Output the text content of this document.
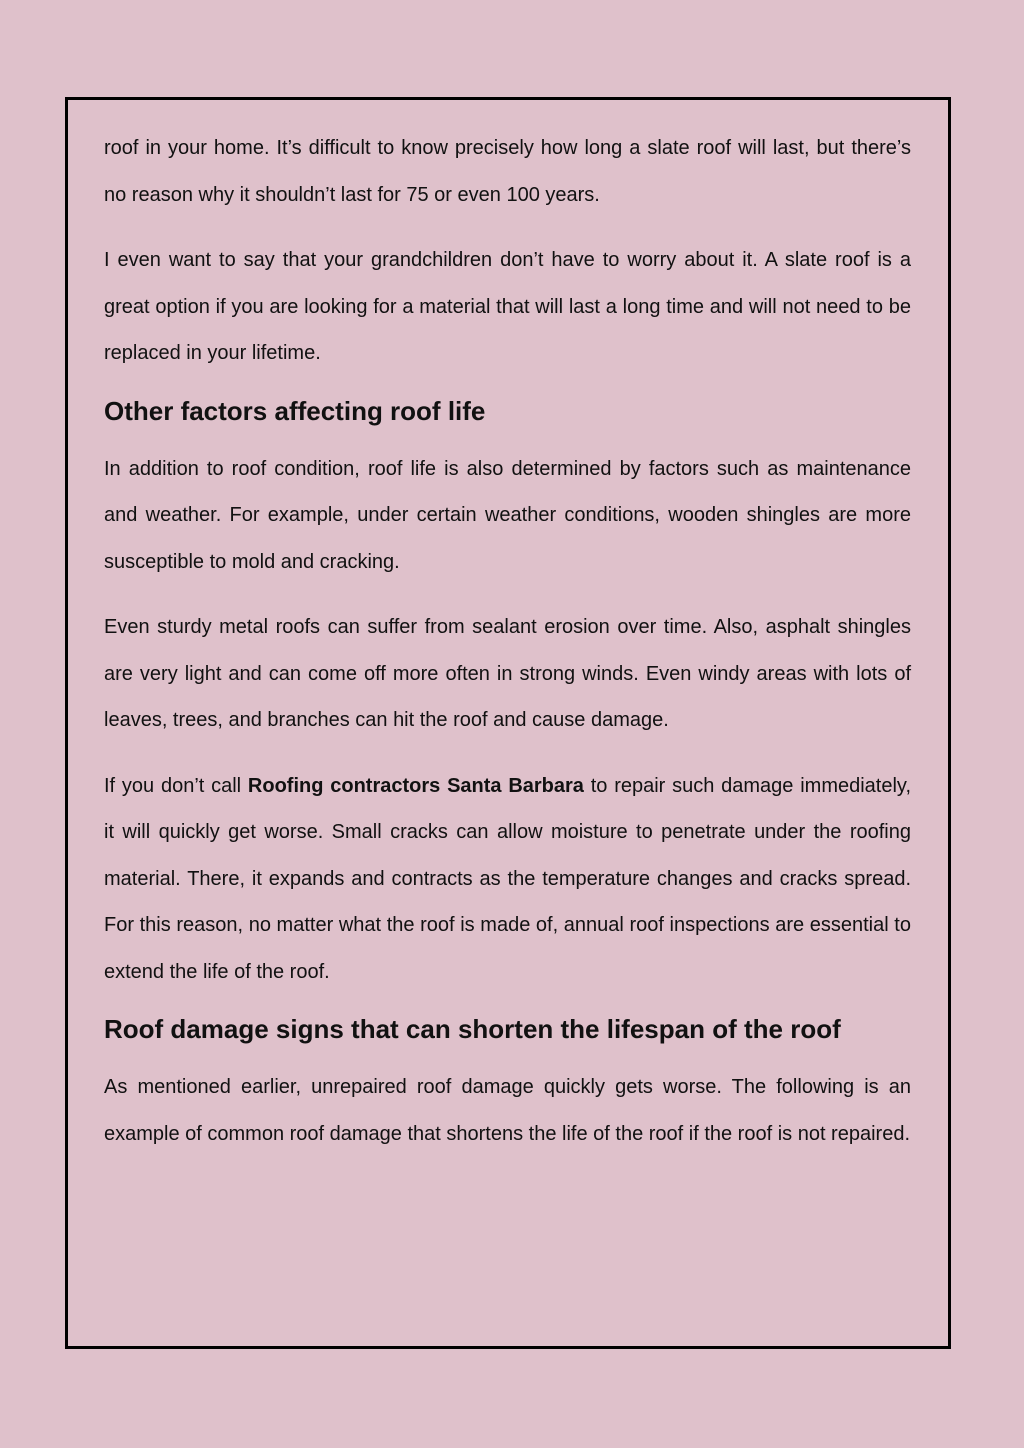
roof in your home. It’s difficult to know precisely how long a slate roof will last, but there’s no reason why it shouldn’t last for 75 or even 100 years.

I even want to say that your grandchildren don’t have to worry about it. A slate roof is a great option if you are looking for a material that will last a long time and will not need to be replaced in your lifetime.

Other factors affecting roof life

In addition to roof condition, roof life is also determined by factors such as maintenance and weather. For example, under certain weather conditions, wooden shingles are more susceptible to mold and cracking.

Even sturdy metal roofs can suffer from sealant erosion over time. Also, asphalt shingles are very light and can come off more often in strong winds. Even windy areas with lots of leaves, trees, and branches can hit the roof and cause damage.

If you don’t call Roofing contractors Santa Barbara to repair such damage immediately, it will quickly get worse. Small cracks can allow moisture to penetrate under the roofing material. There, it expands and contracts as the temperature changes and cracks spread. For this reason, no matter what the roof is made of, annual roof inspections are essential to extend the life of the roof.

Roof damage signs that can shorten the lifespan of the roof

As mentioned earlier, unrepaired roof damage quickly gets worse. The following is an example of common roof damage that shortens the life of the roof if the roof is not repaired.
